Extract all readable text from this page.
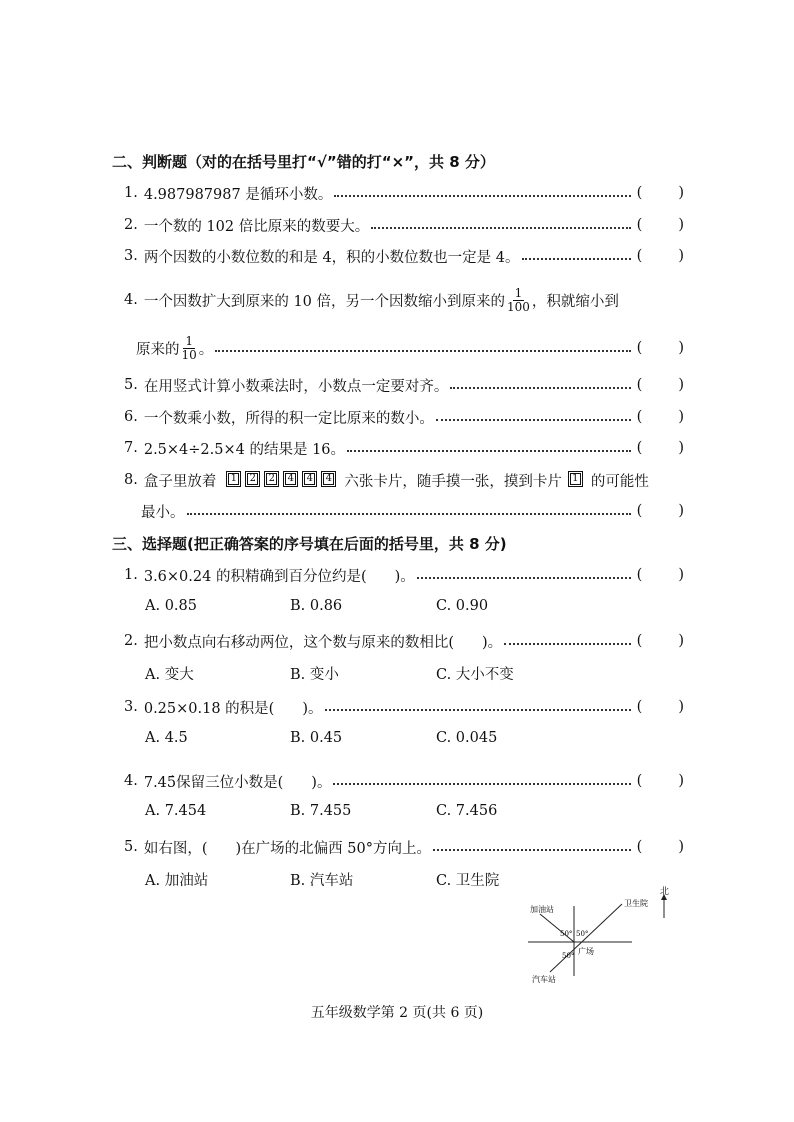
二、判断题（对的在括号里打“√”错的打“×”，共 8 分）
1. 4.987987987 是循环小数。	( )
2. 一个数的 102 倍比原来的数要大。	( )
3. 两个因数的小数位数的和是 4，积的小数位数也一定是 4。	( )
4. 一个因数扩大到原来的 10 倍，另一个因数缩小到原来的 $\frac{1}{100}$ ，积就缩小到
原来的 $\frac{1}{10}$ 。	( )
5. 在用竖式计算小数乘法时，小数点一定要对齐。	( )
6. 一个数乘小数，所得的积一定比原来的数小。	( )
7. 2.5×4÷2.5×4 的结果是 16。	( )
8. 盒子里放着	1 2 2 4 4 4 六张卡片，随手摸一张，摸到卡片	1 的可能性
最小。	( )
三、选择题(把正确答案的序号填在后面的括号里，共 8 分)
1. 3.6×0.24 的积精确到百分位约是( )。	( )
A. 0.85	B. 0.86	C. 0.90
2. 把小数点向右移动两位，这个数与原来的数相比( )。	( )
A. 变大	B. 变小	C. 大小不变
3. 0.25×0.18 的积是( )。	( )
A. 4.5	B. 0.45	C. 0.045
4. 7.45̇保留三位小数是( )。	( )
A. 7.454	B. 7.455	C. 7.456
5. 如右图，( )在广场的北偏西 50°方向上。	( )
A. 加油站	B. 汽车站	C. 卫生院
北
加油站
卫生院
广场
汽车站
50° 50°
50°
五年级数学第 2 页(共 6 页)
